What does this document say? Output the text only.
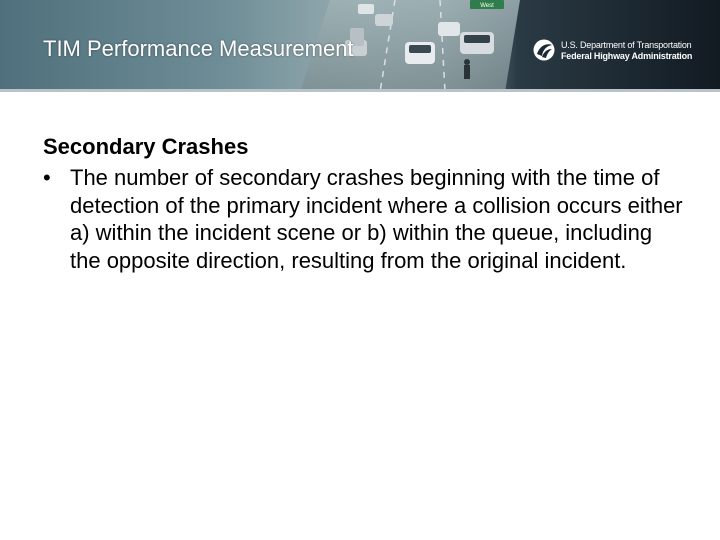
West
TIM Performance Measurement	U.S. Department of Transportation
Federal Highway Administration

Secondary Crashes

• The number of secondary crashes beginning with the time of detection of the primary incident where a collision occurs either a) within the incident scene or b) within the queue, including the opposite direction, resulting from the original incident.
